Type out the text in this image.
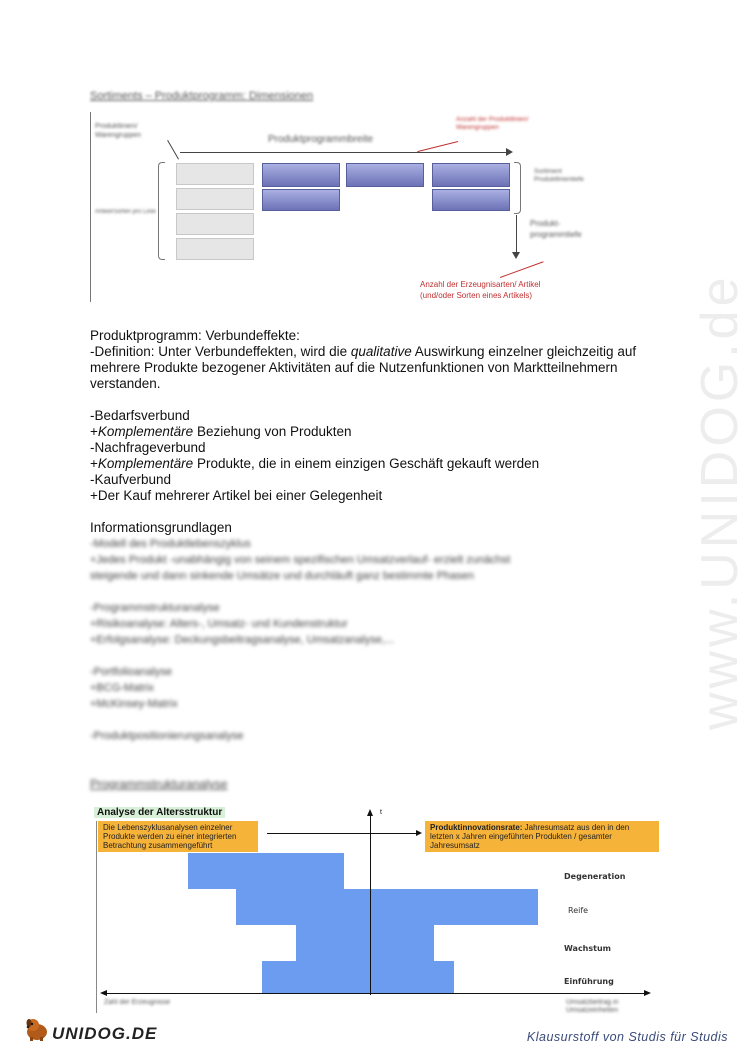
www.UNIDOG.de
Sortiments – Produktprogramm: Dimensionen
Produktlinien/ Warengruppen
Artikel/Sorten pro Linie
Produktprogrammbreite
Anzahl der Produktlinien/ Warengruppen
Sortiment Produktlinientiefe
Produktprogrammtiefe
Anzahl der Erzeugnisarten/ Artikel
(und/oder Sorten eines Artikels)
Produktprogramm: Verbundeffekte:
-Definition: Unter Verbundeffekten, wird die qualitative Auswirkung einzelner gleichzeitig auf
mehrere Produkte bezogener Aktivitäten auf die Nutzenfunktionen von Marktteilnehmern
verstanden.
-Bedarfsverbund
+Komplementäre Beziehung von Produkten
-Nachfrageverbund
+Komplementäre Produkte, die in einem einzigen Geschäft gekauft werden
-Kaufverbund
+Der Kauf mehrerer Artikel bei einer Gelegenheit
Informationsgrundlagen
-Modell des Produktlebenszyklus
+Jedes Produkt -unabhängig von seinem spezifischen Umsatzverlauf- erzielt zunächst
steigende und dann sinkende Umsätze und durchläuft ganz bestimmte Phasen
-Programmstrukturanalyse
+Risikoanalyse: Alters-, Umsatz- und Kundenstruktur
+Erfolgsanalyse: Deckungsbeitragsanalyse, Umsatzanalyse,...
-Portfolioanalyse
+BCG-Matrix
+McKinsey-Matrix
-Produktpositionierungsanalyse
Programmstrukturanalyse
Analyse der Altersstruktur
Die Lebenszyklusanalysen einzelner Produkte werden zu einer integrierten Betrachtung zusammengeführt
Produktinnovationsrate: Jahresumsatz aus den in den letzten x Jahren eingeführten Produkten / gesamter Jahresumsatz
t
Degeneration
Reife
Wachstum
Einführung
Zahl der Erzeugnisse	Umsatzbeitrag in Umsatzeinheiten
UNIDOG.DE	Klausurstoff von Studis für Studis
